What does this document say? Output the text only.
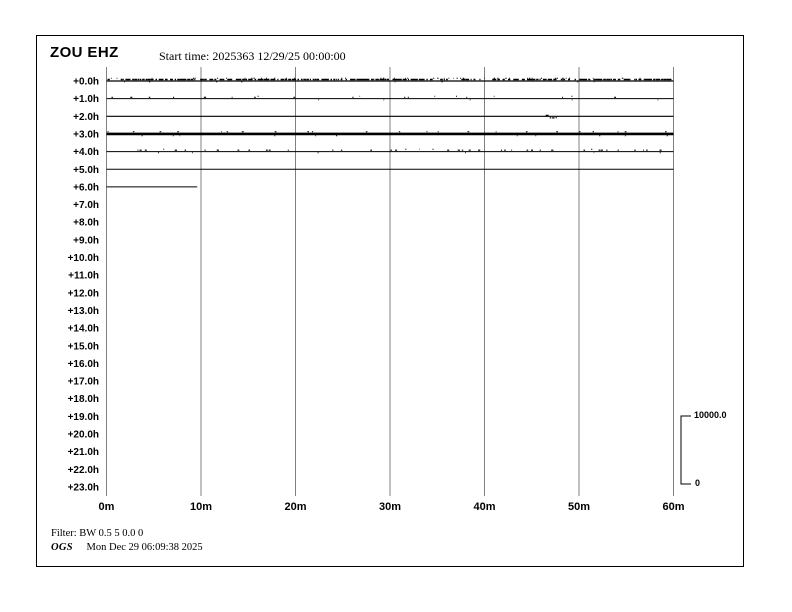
ZOU EHZ	Start time: 2025363 12/29/25 00:00:00
0m	10m	20m	30m	40m	50m	60m
+0.0h
+1.0h
+2.0h
+3.0h
+4.0h
+5.0h
+6.0h
+7.0h
+8.0h
+9.0h
+10.0h
+11.0h
+12.0h
+13.0h
+14.0h
+15.0h
+16.0h
+17.0h
+18.0h
+19.0h
+20.0h
+21.0h
+22.0h
+23.0h
10000.0
0
Filter: BW 0.5 5 0.0 0
OGS Mon Dec 29 06:09:38 2025
